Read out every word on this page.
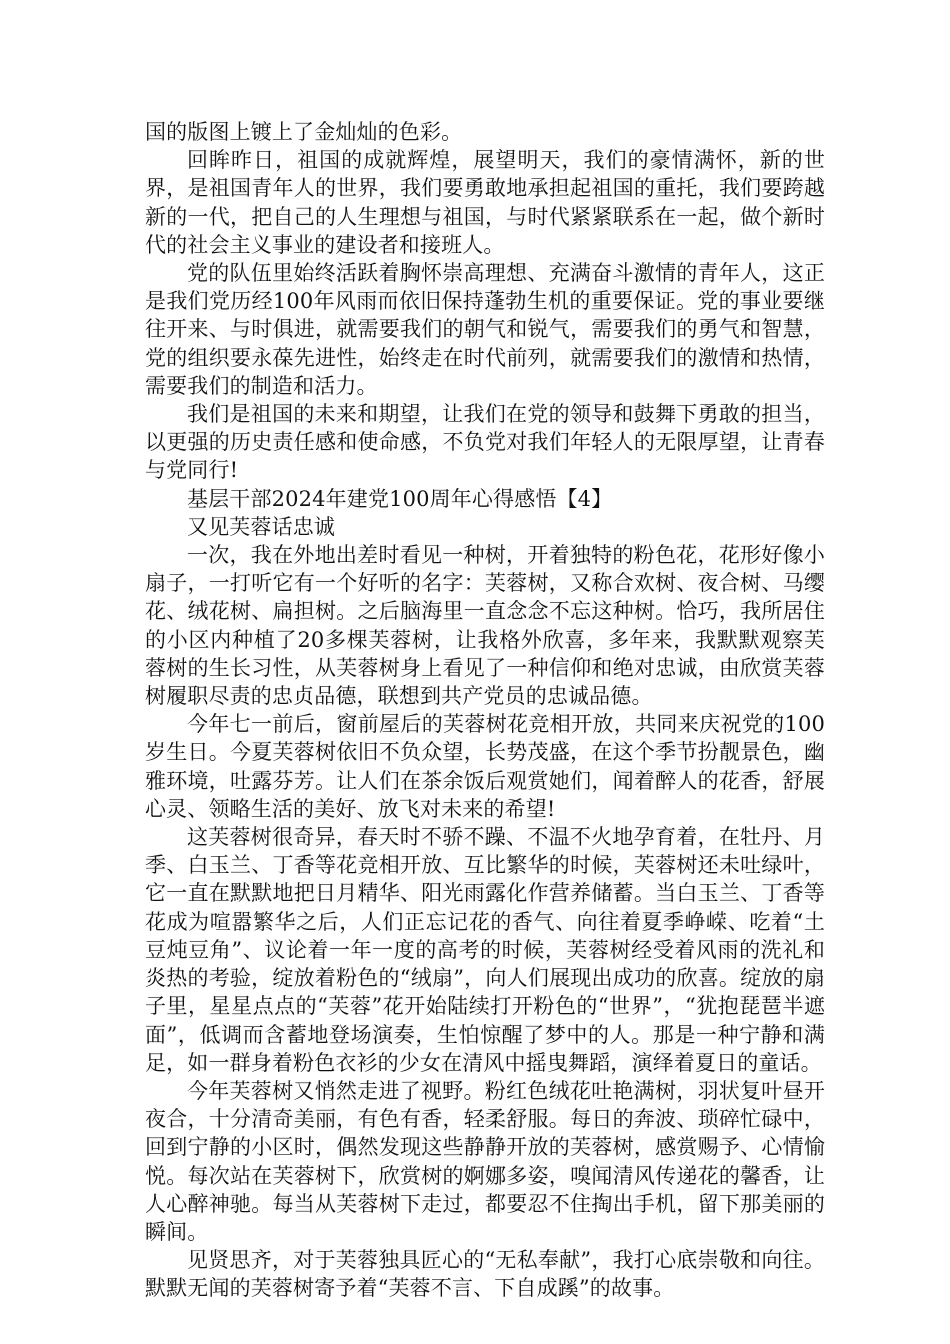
国的版图上镀上了金灿灿的色彩。

回眸昨日，祖国的成就辉煌，展望明天，我们的豪情满怀，新的世界，是祖国青年人的世界，我们要勇敢地承担起祖国的重托，我们要跨越新的一代，把自己的人生理想与祖国，与时代紧紧联系在一起，做个新时代的社会主义事业的建设者和接班人。

党的队伍里始终活跃着胸怀崇高理想、充满奋斗激情的青年人，这正是我们党历经100年风雨而依旧保持蓬勃生机的重要保证。党的事业要继往开来、与时俱进，就需要我们的朝气和锐气，需要我们的勇气和智慧，党的组织要永葆先进性，始终走在时代前列，就需要我们的激情和热情，需要我们的制造和活力。

我们是祖国的未来和期望，让我们在党的领导和鼓舞下勇敢的担当，以更强的历史责任感和使命感，不负党对我们年轻人的无限厚望，让青春与党同行!

基层干部2024年建党100周年心得感悟【4】

又见芙蓉话忠诚

一次，我在外地出差时看见一种树，开着独特的粉色花，花形好像小扇子，一打听它有一个好听的名字：芙蓉树，又称合欢树、夜合树、马缨花、绒花树、扁担树。之后脑海里一直念念不忘这种树。恰巧，我所居住的小区内种植了20多棵芙蓉树，让我格外欣喜，多年来，我默默观察芙蓉树的生长习性，从芙蓉树身上看见了一种信仰和绝对忠诚，由欣赏芙蓉树履职尽责的忠贞品德，联想到共产党员的忠诚品德。

今年七一前后，窗前屋后的芙蓉树花竞相开放，共同来庆祝党的100岁生日。今夏芙蓉树依旧不负众望，长势茂盛，在这个季节扮靓景色，幽雅环境，吐露芬芳。让人们在茶余饭后观赏她们，闻着醉人的花香，舒展心灵、领略生活的美好、放飞对未来的希望!

这芙蓉树很奇异，春天时不骄不躁、不温不火地孕育着，在牡丹、月季、白玉兰、丁香等花竞相开放、互比繁华的时候，芙蓉树还未吐绿叶，它一直在默默地把日月精华、阳光雨露化作营养储蓄。当白玉兰、丁香等花成为喧嚣繁华之后，人们正忘记花的香气、向往着夏季峥嵘、吃着“土豆炖豆角”、议论着一年一度的高考的时候，芙蓉树经受着风雨的洗礼和炎热的考验，绽放着粉色的“绒扇”，向人们展现出成功的欣喜。绽放的扇子里，星星点点的“芙蓉”花开始陆续打开粉色的“世界”，“犹抱琵琶半遮面”，低调而含蓄地登场演奏，生怕惊醒了梦中的人。那是一种宁静和满足，如一群身着粉色衣衫的少女在清风中摇曳舞蹈，演绎着夏日的童话。

今年芙蓉树又悄然走进了视野。粉红色绒花吐艳满树，羽状复叶昼开夜合，十分清奇美丽，有色有香，轻柔舒服。每日的奔波、琐碎忙碌中，回到宁静的小区时，偶然发现这些静静开放的芙蓉树，感赏赐予、心情愉悦。每次站在芙蓉树下，欣赏树的婀娜多姿，嗅闻清风传递花的馨香，让人心醉神驰。每当从芙蓉树下走过，都要忍不住掏出手机，留下那美丽的瞬间。

见贤思齐，对于芙蓉独具匠心的“无私奉献”，我打心底崇敬和向往。默默无闻的芙蓉树寄予着“芙蓉不言、下自成蹊”的故事。
